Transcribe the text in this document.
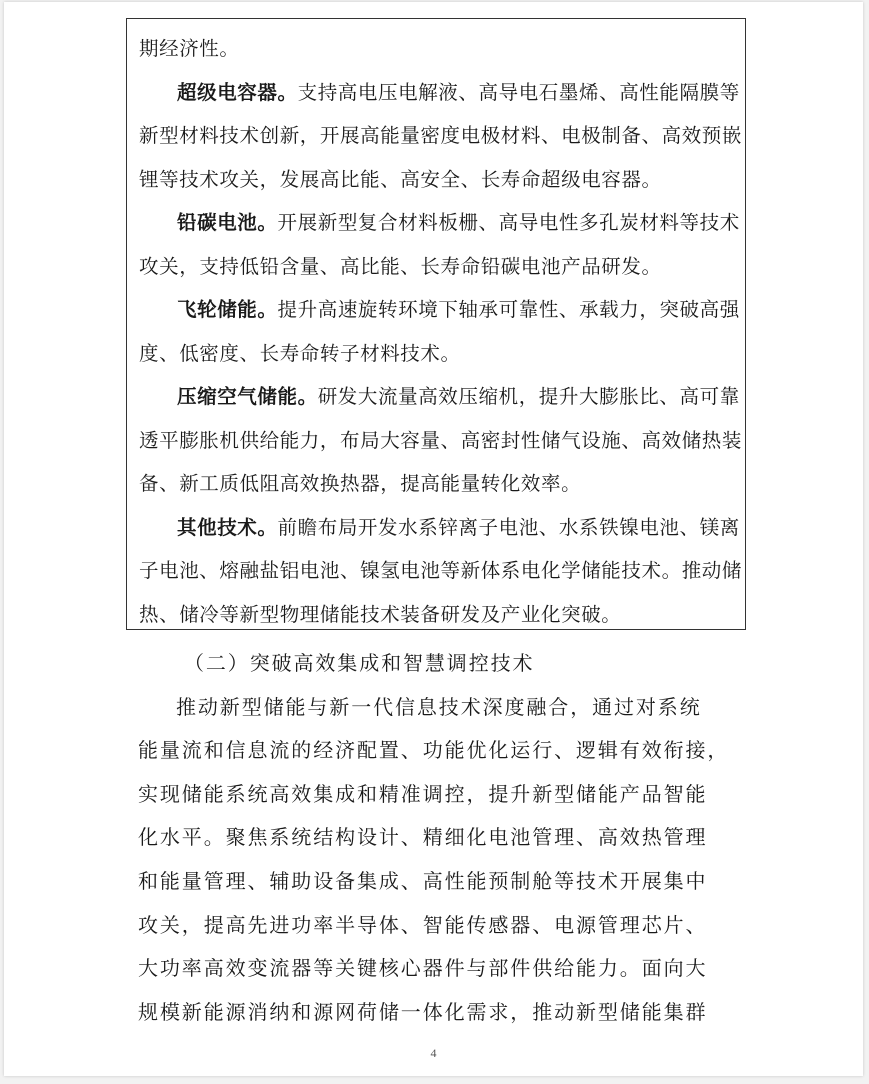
期经济性。
超级电容器。支持高电压电解液、高导电石墨烯、高性能隔膜等
新型材料技术创新，开展高能量密度电极材料、电极制备、高效预嵌
锂等技术攻关，发展高比能、高安全、长寿命超级电容器。
铅碳电池。开展新型复合材料板栅、高导电性多孔炭材料等技术
攻关，支持低铅含量、高比能、长寿命铅碳电池产品研发。
飞轮储能。提升高速旋转环境下轴承可靠性、承载力，突破高强
度、低密度、长寿命转子材料技术。
压缩空气储能。研发大流量高效压缩机，提升大膨胀比、高可靠
透平膨胀机供给能力，布局大容量、高密封性储气设施、高效储热装
备、新工质低阻高效换热器，提高能量转化效率。
其他技术。前瞻布局开发水系锌离子电池、水系铁镍电池、镁离
子电池、熔融盐铝电池、镍氢电池等新体系电化学储能技术。推动储
热、储冷等新型物理储能技术装备研发及产业化突破。
（二）突破高效集成和智慧调控技术
推动新型储能与新一代信息技术深度融合，通过对系统
能量流和信息流的经济配置、功能优化运行、逻辑有效衔接，
实现储能系统高效集成和精准调控，提升新型储能产品智能
化水平。聚焦系统结构设计、精细化电池管理、高效热管理
和能量管理、辅助设备集成、高性能预制舱等技术开展集中
攻关，提高先进功率半导体、智能传感器、电源管理芯片、
大功率高效变流器等关键核心器件与部件供给能力。面向大
规模新能源消纳和源网荷储一体化需求，推动新型储能集群
4
